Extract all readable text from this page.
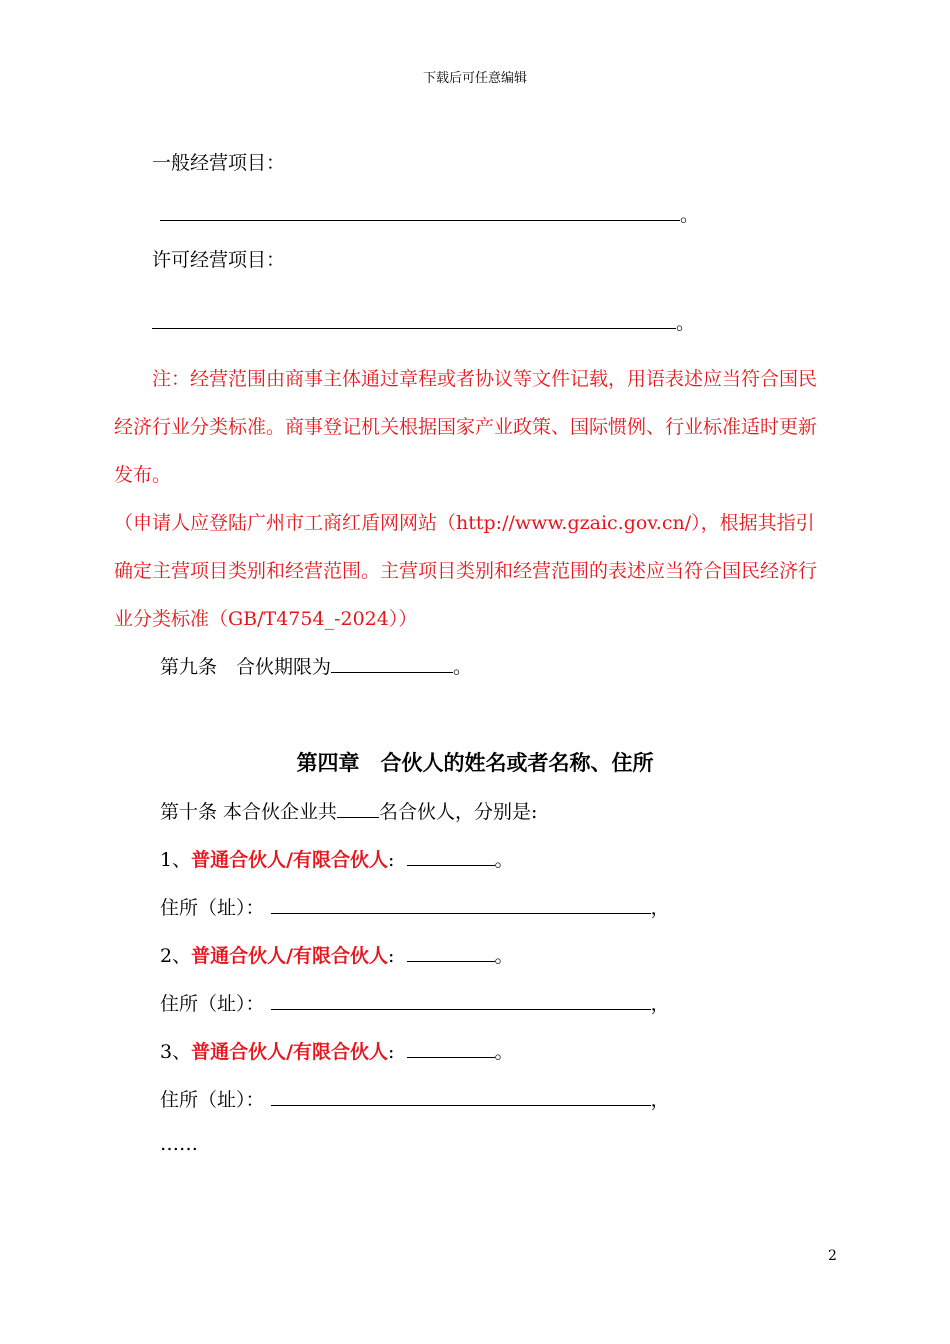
下载后可任意编辑
一般经营项目：
。
许可经营项目：
。
注：经营范围由商事主体通过章程或者协议等文件记载，用语表述应当符合国民
经济行业分类标准。商事登记机关根据国家产业政策、国际惯例、行业标准适时更新
发布。
（申请人应登陆广州市工商红盾网网站（http://www.gzaic.gov.cn/），根据其指引
确定主营项目类别和经营范围。主营项目类别和经营范围的表述应当符合国民经济行
业分类标准（GB/T4754_-2024））
第九条　合伙期限为	。
第四章　合伙人的姓名或者名称、住所
第十条 本合伙企业共 名合伙人，分别是:
1、普通合伙人/有限合伙人:	。
住所（址）：	，
2、普通合伙人/有限合伙人:	。
住所（址）：	，
3、普通合伙人/有限合伙人:	。
住所（址）：	，
……
2
